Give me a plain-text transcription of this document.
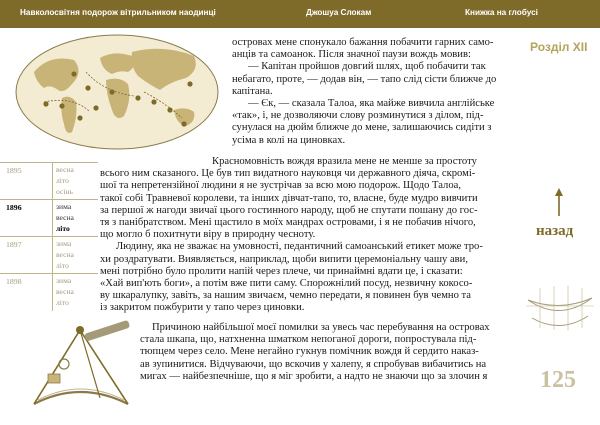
Навколосвітня подорож вітрильником наодинці	Джошуа Слокам	Книжка на глобусі
Розділ XII
назад
125
1895	весна
літо
осінь
1896	зима
весна
літо
1897	зима
весна
літо
1898	зима
весна
літо
островах мене спонукало бажання побачити гарних само-
анців та самоанок. Після значної паузи вождь мовив:
— Капітан пройшов довгий шлях, щоб побачити так
небагато, проте, — додав він, — тапо слід сісти ближче до
капітана.
— Єк, — сказала Талоа, яка майже вивчила англійське
«так», і, не дозволяючи слову розминутися з ділом, під-
сунулася на дюйм ближче до мене, залишаючись сидіти з
усіма в колі на циновках.
Красномовність вождя вразила мене не менше за простоту
всього ним сказаного. Це був тип видатного науковця чи державного діяча, скромі-
шої та непретензійної людини я не зустрічав за всю мою подорож. Щодо Талоа,
такої собі Травневої королеви, та інших дівчат-тапо, то, власне, буде мудро вивчити
за першої ж нагоди звичаї цього гостинного народу, щоб не спутати пошану до гос-
тя з панібратством. Мені щастило в моїх мандрах островами, і я не побачив нічого,
що могло б похитнути віру в природну чесноту.
Людину, яка не зважає на умовності, педантичний самоанський етикет може тро-
хи роздратувати. Виявляється, наприклад, щоби випити церемоніальну чашу ави,
мені потрібно було пролити напій через плече, чи принаймні вдати це, і сказати:
«Хай вип'ють боги», а потім вже пити саму. Спорожнілий посуд, незвичну кокосо-
ву шкаралупку, завіть, за нашим звичаєм, чемно передати, я повинен був чемно та
із закритом пожбурити у тапо через циновки.
Причиною найбільшої моєї помилки за увесь час перебування на островах
стала шкапа, що, натхненна шматком непоганої дороги, попростувала під-
тюпцем через село. Мене негайно гукнув помічник вождя й сердито наказ-
ав зупинитися. Відчуваючи, що вскочив у халепу, я спробував вибачитись на
мигах — найбезпечніше, що я міг зробити, а надто не знаючи що за злочин я
